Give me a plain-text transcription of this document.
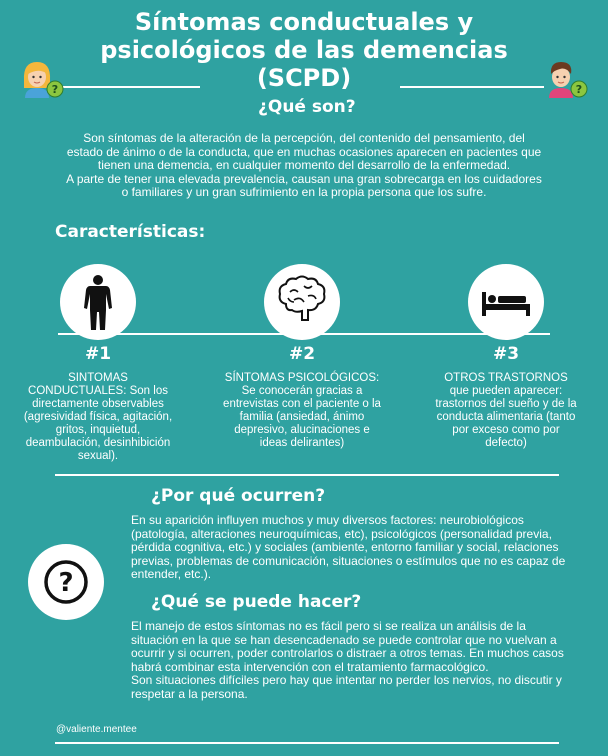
Síntomas conductuales y
psicológicos de las demencias
(SCPD)
?	?
¿Qué son?
Son síntomas de la alteración de la percepción, del contenido del pensamiento, del
estado de ánimo o de la conducta, que en muchas ocasiones aparecen en pacientes que
tienen una demencia, en cualquier momento del desarrollo de la enfermedad.
A parte de tener una elevada prevalencia, causan una gran sobrecarga en los cuidadores
o familiares y un gran sufrimiento en la propia persona que los sufre.
Características:
#1	#2	#3
SINTOMAS
CONDUCTUALES: Son los
directamente observables
(agresividad física, agitación,
gritos, inquietud,
deambulación, desinhibición
sexual).
SÍNTOMAS PSICOLÓGICOS:
Se conocerán gracias a
entrevistas con el paciente o la
familia (ansiedad, ánimo
depresivo, alucinaciones e
ideas delirantes)
OTROS TRASTORNOS
que pueden aparecer:
trastornos del sueño y de la
conducta alimentaria (tanto
por exceso como por
defecto)
¿Por qué ocurren?
En su aparición influyen muchos y muy diversos factores: neurobiológicos
(patología, alteraciones neuroquímicas, etc), psicológicos (personalidad previa,
pérdida cognitiva, etc.) y sociales (ambiente, entorno familiar y social, relaciones
previas, problemas de comunicación, situaciones o estímulos que no es capaz de
entender, etc.).
?
¿Qué se puede hacer?
El manejo de estos síntomas no es fácil pero si se realiza un análisis de la
situación en la que se han desencadenado se puede controlar que no vuelvan a
ocurrir y si ocurren, poder controlarlos o distraer a otros temas. En muchos casos
habrá combinar esta intervención con el tratamiento farmacológico.
Son situaciones difíciles pero hay que intentar no perder los nervios, no discutir y
respetar a la persona.
@valiente.mentee
